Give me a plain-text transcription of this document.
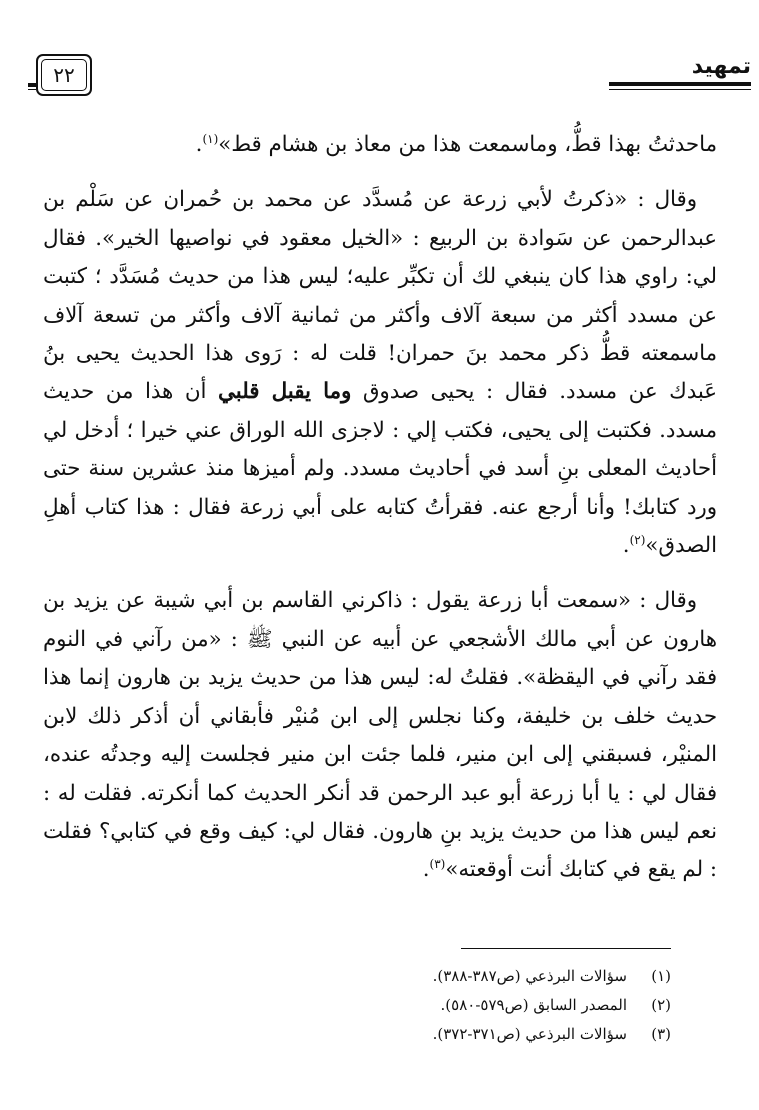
تمهيد
٢٢

ماحدثتُ بهذا قطُّ، وماسمعت هذا من معاذ بن هشام قط»$^{(١)}$.

وقال : «ذكرتُ لأبي زرعة عن مُسدَّد عن محمد بن حُمران عن سَلْم بن عبدالرحمن عن سَوادة بن الربيع : «الخيل معقود في نواصيها الخير». فقال لي: راوي هذا كان ينبغي لك أن تكبِّر عليه؛ ليس هذا من حديث مُسَدَّد ؛ كتبت عن مسدد أكثر من سبعة آلاف وأكثر من ثمانية آلاف وأكثر من تسعة آلاف ماسمعته قطُّ ذكر محمد بنَ حمران! قلت له : رَوى هذا الحديث يحيى بنُ عَبدك عن مسدد. فقال : يحيى صدوق وما يقبل قلبي أن هذا من حديث مسدد. فكتبت إلى يحيى، فكتب إلي : لاجزى الله الوراق عني خيرا ؛ أدخل لي أحاديث المعلى بنِ أسد في أحاديث مسدد. ولم أميزها منذ عشرين سنة حتى ورد كتابك! وأنا أرجع عنه. فقرأتُ كتابه على أبي زرعة فقال : هذا كتاب أهلِ الصدق»$^{(٢)}$.

وقال : «سمعت أبا زرعة يقول : ذاكرني القاسم بن أبي شيبة عن يزيد بن هارون عن أبي مالك الأشجعي عن أبيه عن النبي ﷺ : «من رآني في النوم فقد رآني في اليقظة». فقلتُ له: ليس هذا من حديث يزيد بن هارون إنما هذا حديث خلف بن خليفة، وكنا نجلس إلى ابن مُنيْر فأبقاني أن أذكر ذلك لابن المنيْر، فسبقني إلى ابن منير، فلما جئت ابن منير فجلست إليه وجدتُه عنده، فقال لي : يا أبا زرعة أبو عبد الرحمن قد أنكر الحديث كما أنكرته. فقلت له : نعم ليس هذا من حديث يزيد بنِ هارون. فقال لي: كيف وقع في كتابي؟ فقلت : لم يقع في كتابك أنت أوقعته»$^{(٣)}$.

(١)سؤالات البرذعي (ص٣٨٧-٣٨٨).

(٢)المصدر السابق (ص٥٧٩-٥٨٠).

(٣)سؤالات البرذعي (ص٣٧١-٣٧٢).
